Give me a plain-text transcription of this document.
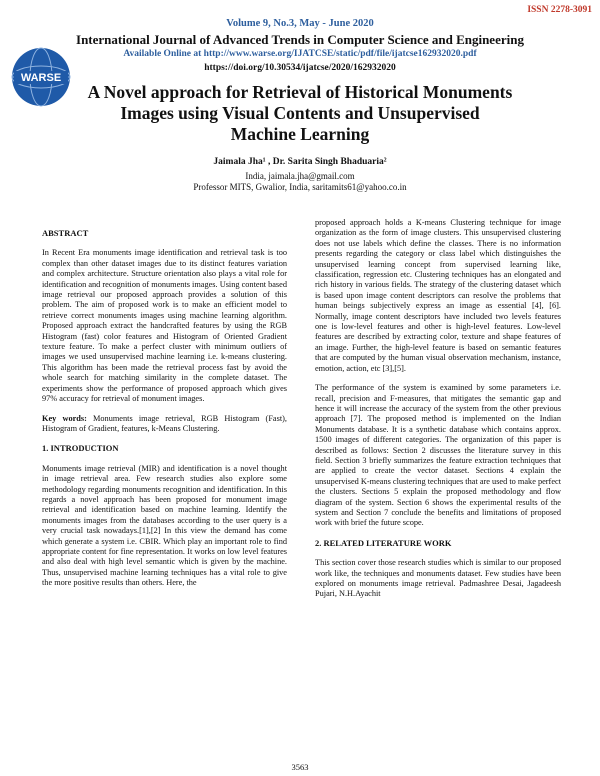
ISSN 2278-3091
Volume 9, No.3, May - June 2020
International Journal of Advanced Trends in Computer Science and Engineering
Available Online at http://www.warse.org/IJATCSE/static/pdf/file/ijatcse162932020.pdf
https://doi.org/10.30534/ijatcse/2020/162932020
WARSE
A Novel approach for Retrieval of Historical Monuments
Images using Visual Contents and Unsupervised
Machine Learning
Jaimala Jha¹ , Dr. Sarita Singh Bhaduaria²
India, jaimala.jha@gmail.com
Professor MITS, Gwalior, India, saritamits61@yahoo.co.in
ABSTRACT

In Recent Era monuments image identification and retrieval task is too complex than other dataset images due to its distinct features variation and complex architecture. Structure orientation also plays a vital role for identification and recognition of monuments images. Using content based image retrieval our proposed approach provides a solution of this problem. The aim of proposed work is to make an efficient model to retrieve correct monuments images using machine learning algorithm. Proposed approach extract the handcrafted features by using the RGB Histogram (fast) color features and Histogram of Oriented Gradient texture feature. To make a perfect cluster with minimum outliers of images we used unsupervised machine learning i.e. k-means clustering. This algorithm has been made the retrieval process fast by avoid the whole search for matching similarity in the complete dataset. The experiments show the performance of proposed approach which gives 97% accuracy for retrieval of monument images.

Key words: Monuments image retrieval, RGB Histogram (Fast), Histogram of Gradient, features, k-Means Clustering.

1. INTRODUCTION

Monuments image retrieval (MIR) and identification is a novel thought in image retrieval area. Few research studies also explore some methodology regarding monuments recognition and identification. In this regards a novel approach has been proposed for monument image retrieval and identification based on machine learning. Identify the monuments images from the databases according to the user query is a very crucial task nowadays.[1],[2] In this view the demand has come which generate a system i.e. CBIR. Which play an important role to find appropriate content for fine representation. It works on low level features and also deal with high level semantic which is given by the machine. Thus, unsupervised machine learning techniques has a vital role to give the more positive results than others. Here, the

proposed approach holds a K-means Clustering technique for image organization as the form of image clusters. This unsupervised clustering does not use labels which define the classes. There is no information presents regarding the category or class label which distinguishes the unsupervised learning concept from supervised learning like, classification, regression etc. Clustering techniques has an elongated and rich history in various fields. The strategy of the clustering dataset which is based upon image content descriptors can resolve the problems that human beings subjectively express an image as essential [4], [6]. Normally, image content descriptors have included two levels features one is low-level features and other is high-level features. Low-level features are described by extracting color, texture and shape features of an image. Further, the high-level feature is based on semantic features that are computed by the human visual observation mechanism, instance, emotion, action, etc [3],[5].

The performance of the system is examined by some parameters i.e. recall, precision and F-measures, that mitigates the semantic gap and hence it will increase the accuracy of the system from the other previous approach [7]. The proposed method is implemented on the Indian Monuments database. It is a synthetic database which contains approx. 1500 images of different categories. The organization of this paper is described as follows: Section 2 discusses the literature survey in this field. Section 3 briefly summarizes the feature extraction techniques that are applied to create the vector dataset. Sections 4 explain the unsupervised K-means clustering techniques that are used to make perfect the clusters. Sections 5 explain the proposed methodology and flow diagram of the system. Section 6 shows the experimental results of the system and Section 7 conclude the benefits and limitations of proposed work with brief the future scope.

2. RELATED LITERATURE WORK

This section cover those research studies which is similar to our proposed work like, the techniques and monuments dataset. Few studies have been explored on monuments image retrieval. Padmashree Desai, Jagadeesh Pujari, N.H.Ayachit

3563
